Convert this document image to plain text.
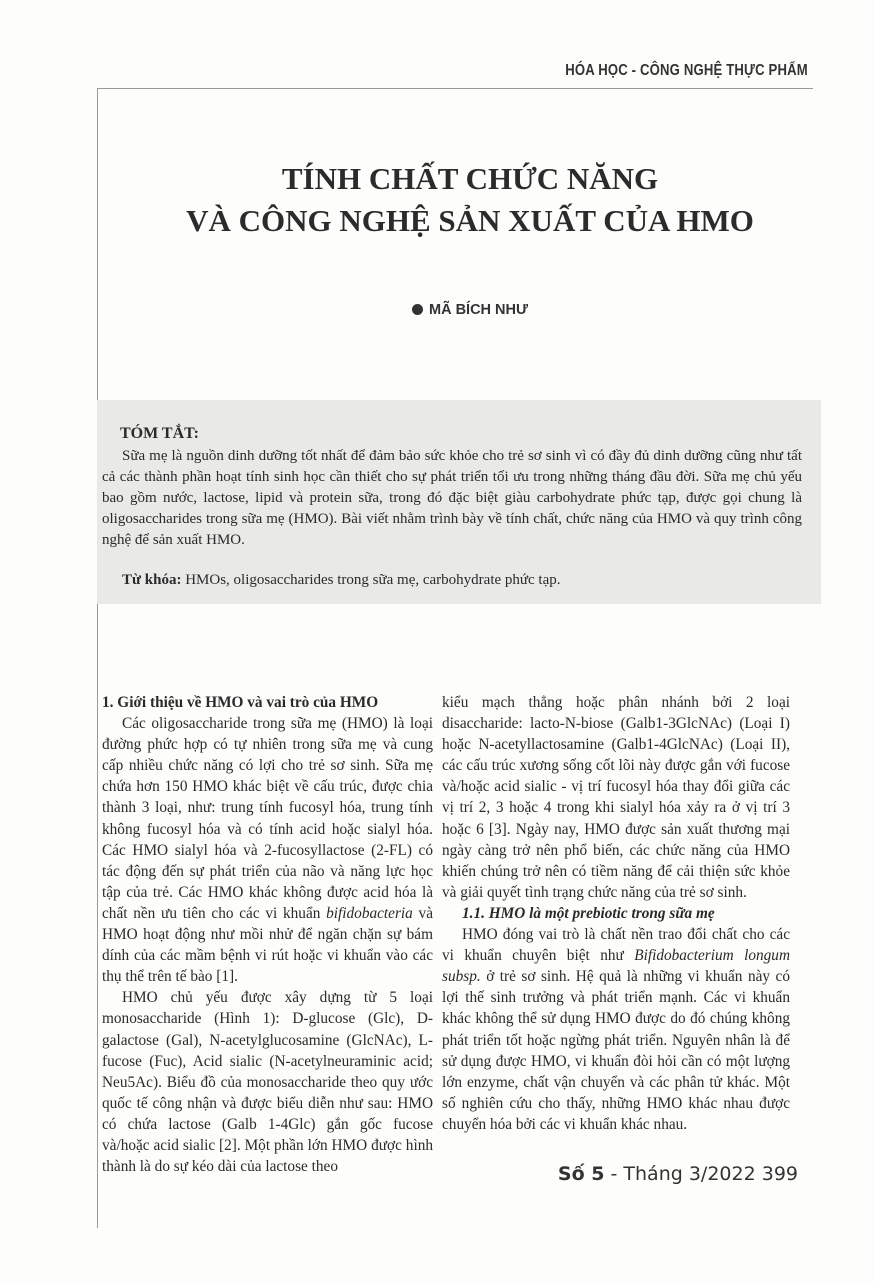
HÓA HỌC - CÔNG NGHỆ THỰC PHẨM
TÍNH CHẤT CHỨC NĂNG
VÀ CÔNG NGHỆ SẢN XUẤT CỦA HMO
MÃ BÍCH NHƯ
TÓM TẮT:
Sữa mẹ là nguồn dinh dưỡng tốt nhất để đảm bảo sức khỏe cho trẻ sơ sinh vì có đầy đủ dinh dưỡng cũng như tất cả các thành phần hoạt tính sinh học cần thiết cho sự phát triển tối ưu trong những tháng đầu đời. Sữa mẹ chủ yếu bao gồm nước, lactose, lipid và protein sữa, trong đó đặc biệt giàu carbohydrate phức tạp, được gọi chung là oligosaccharides trong sữa mẹ (HMO). Bài viết nhằm trình bày về tính chất, chức năng của HMO và quy trình công nghệ để sản xuất HMO.
Từ khóa: HMOs, oligosaccharides trong sữa mẹ, carbohydrate phức tạp.
1. Giới thiệu về HMO và vai trò của HMO

Các oligosaccharide trong sữa mẹ (HMO) là loại đường phức hợp có tự nhiên trong sữa mẹ và cung cấp nhiều chức năng có lợi cho trẻ sơ sinh. Sữa mẹ chứa hơn 150 HMO khác biệt về cấu trúc, được chia thành 3 loại, như: trung tính fucosyl hóa, trung tính không fucosyl hóa và có tính acid hoặc sialyl hóa. Các HMO sialyl hóa và 2-fucosyllactose (2-FL) có tác động đến sự phát triển của não và năng lực học tập của trẻ. Các HMO khác không được acid hóa là chất nền ưu tiên cho các vi khuẩn bifidobacteria và HMO hoạt động như mồi nhử để ngăn chặn sự bám dính của các mầm bệnh vi rút hoặc vi khuẩn vào các thụ thể trên tế bào [1].

HMO chủ yếu được xây dựng từ 5 loại monosaccharide (Hình 1): D-glucose (Glc), D-galactose (Gal), N-acetylglucosamine (GlcNAc), L-fucose (Fuc), Acid sialic (N-acetylneuraminic acid; Neu5Ac). Biểu đồ của monosaccharide theo quy ước quốc tế công nhận và được biểu diễn như sau: HMO có chứa lactose (Galb 1-4Glc) gắn gốc fucose và/hoặc acid sialic [2]. Một phần lớn HMO được hình thành là do sự kéo dài của lactose theo

kiểu mạch thẳng hoặc phân nhánh bởi 2 loại disaccharide: lacto-N-biose (Galb1-3GlcNAc) (Loại I) hoặc N-acetyllactosamine (Galb1-4GlcNAc) (Loại II), các cấu trúc xương sống cốt lõi này được gắn với fucose và/hoặc acid sialic - vị trí fucosyl hóa thay đổi giữa các vị trí 2, 3 hoặc 4 trong khi sialyl hóa xảy ra ở vị trí 3 hoặc 6 [3]. Ngày nay, HMO được sản xuất thương mại ngày càng trở nên phổ biến, các chức năng của HMO khiến chúng trở nên có tiềm năng để cải thiện sức khỏe và giải quyết tình trạng chức năng của trẻ sơ sinh.

1.1. HMO là một prebiotic trong sữa mẹ

HMO đóng vai trò là chất nền trao đổi chất cho các vi khuẩn chuyên biệt như Bifidobacterium longum subsp. ở trẻ sơ sinh. Hệ quả là những vi khuẩn này có lợi thế sinh trưởng và phát triển mạnh. Các vi khuẩn khác không thể sử dụng HMO được do đó chúng không phát triển tốt hoặc ngừng phát triển. Nguyên nhân là để sử dụng được HMO, vi khuẩn đòi hỏi cần có một lượng lớn enzyme, chất vận chuyển và các phân tử khác. Một số nghiên cứu cho thấy, những HMO khác nhau được chuyển hóa bởi các vi khuẩn khác nhau.

Số 5 - Tháng 3/2022 399
